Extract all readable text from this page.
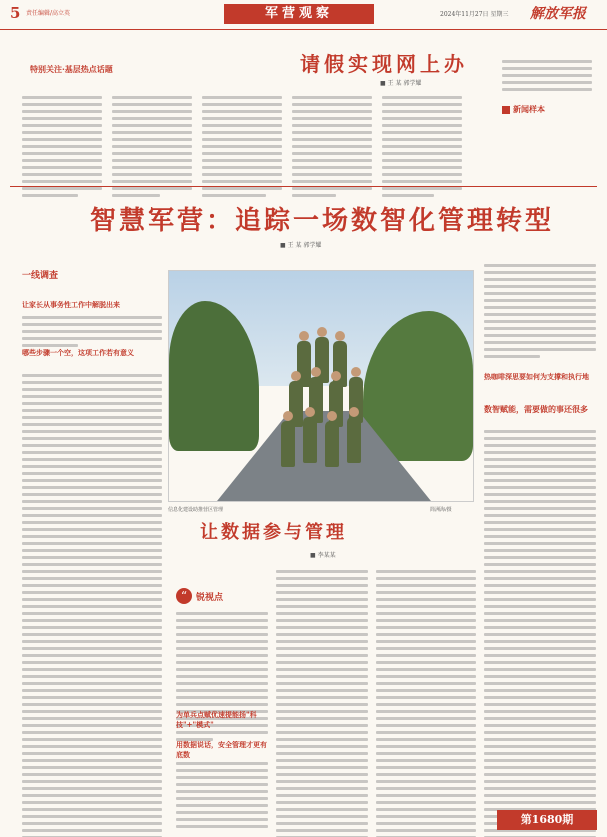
5 责任编辑/高立英	军营观察	2024年11月27日 星期三 解放军报
特别关注·基层热点话题	请假实现网上办
■ 王 某 郭学耀
新闻样本
智慧军营：追踪一场数智化管理转型
■ 王 某 郭学耀
一线调查
让家长从事务性工作中解脱出来
哪些步骤一个空，这项工作若有意义
信息化建设助推营区管理	简洲海/摄
热咖啡深思要如何为支撑和执行地
数智赋能，需要做的事还很多
让数据参与管理
■ 李某某
“ 锐视点
为单兵点赋优速提能扬"科技"+"模式"
用数据说话，安全管理才更有底数
第1680期
